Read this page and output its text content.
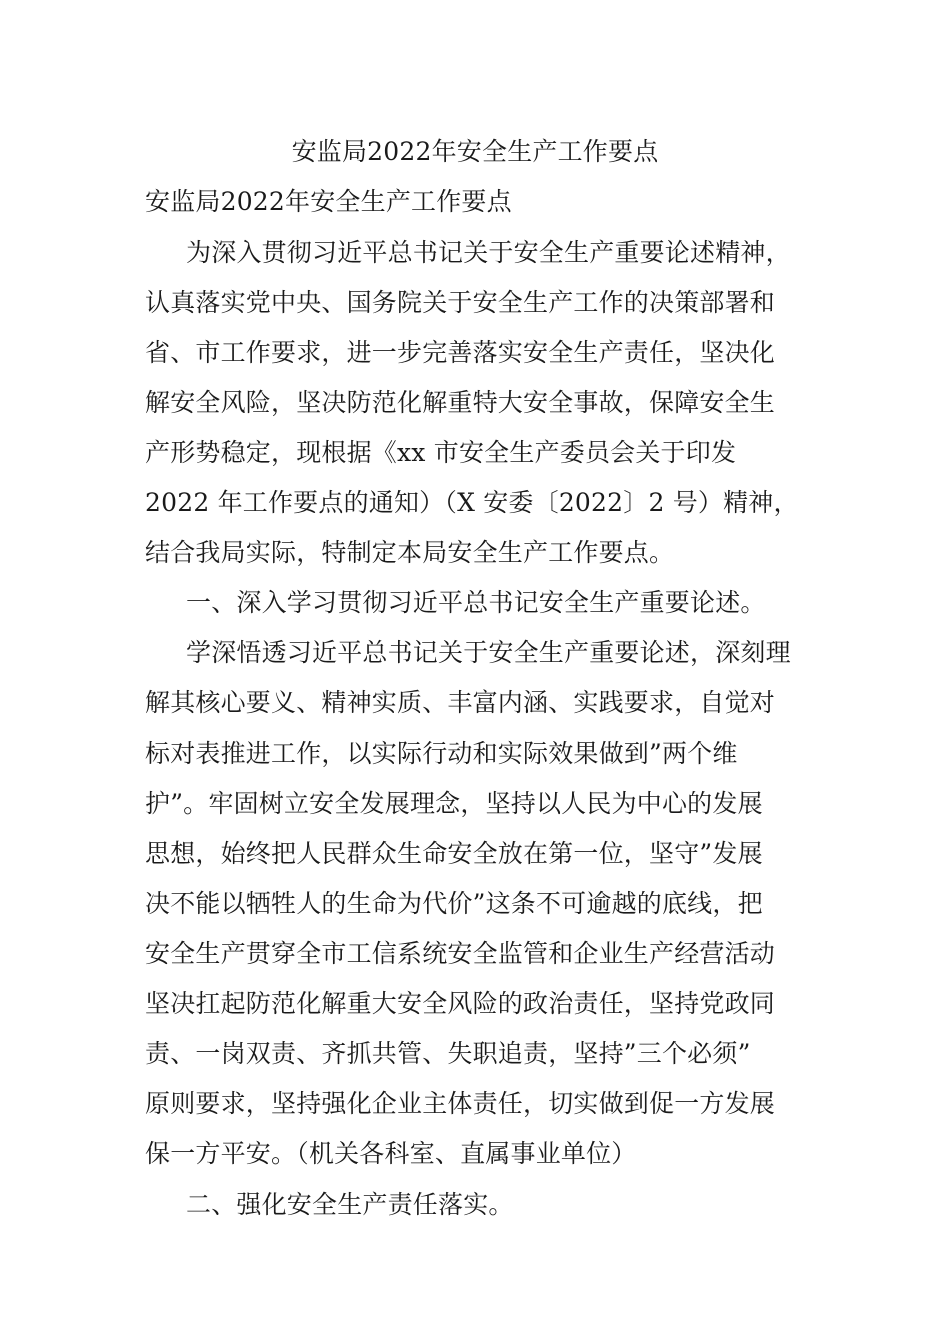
安监局2022年安全生产工作要点
安监局2022年安全生产工作要点
为深入贯彻习近平总书记关于安全生产重要论述精神，
认真落实党中央、国务院关于安全生产工作的决策部署和
省、市工作要求，进一步完善落实安全生产责任，坚决化
解安全风险，坚决防范化解重特大安全事故，保障安全生
产形势稳定，现根据《xx 市安全生产委员会关于印发
2022 年工作要点的通知）（X 安委〔2022〕2 号）精神，
结合我局实际，特制定本局安全生产工作要点。
一、深入学习贯彻习近平总书记安全生产重要论述。
学深悟透习近平总书记关于安全生产重要论述，深刻理
解其核心要义、精神实质、丰富内涵、实践要求，自觉对
标对表推进工作，以实际行动和实际效果做到”两个维
护”。牢固树立安全发展理念，坚持以人民为中心的发展
思想，始终把人民群众生命安全放在第一位，坚守”发展
决不能以牺牲人的生命为代价”这条不可逾越的底线，把
安全生产贯穿全市工信系统安全监管和企业生产经营活动
坚决扛起防范化解重大安全风险的政治责任，坚持党政同
责、一岗双责、齐抓共管、失职追责，坚持”三个必须”
原则要求，坚持强化企业主体责任，切实做到促一方发展
保一方平安。（机关各科室、直属事业单位）
二、强化安全生产责任落实。
